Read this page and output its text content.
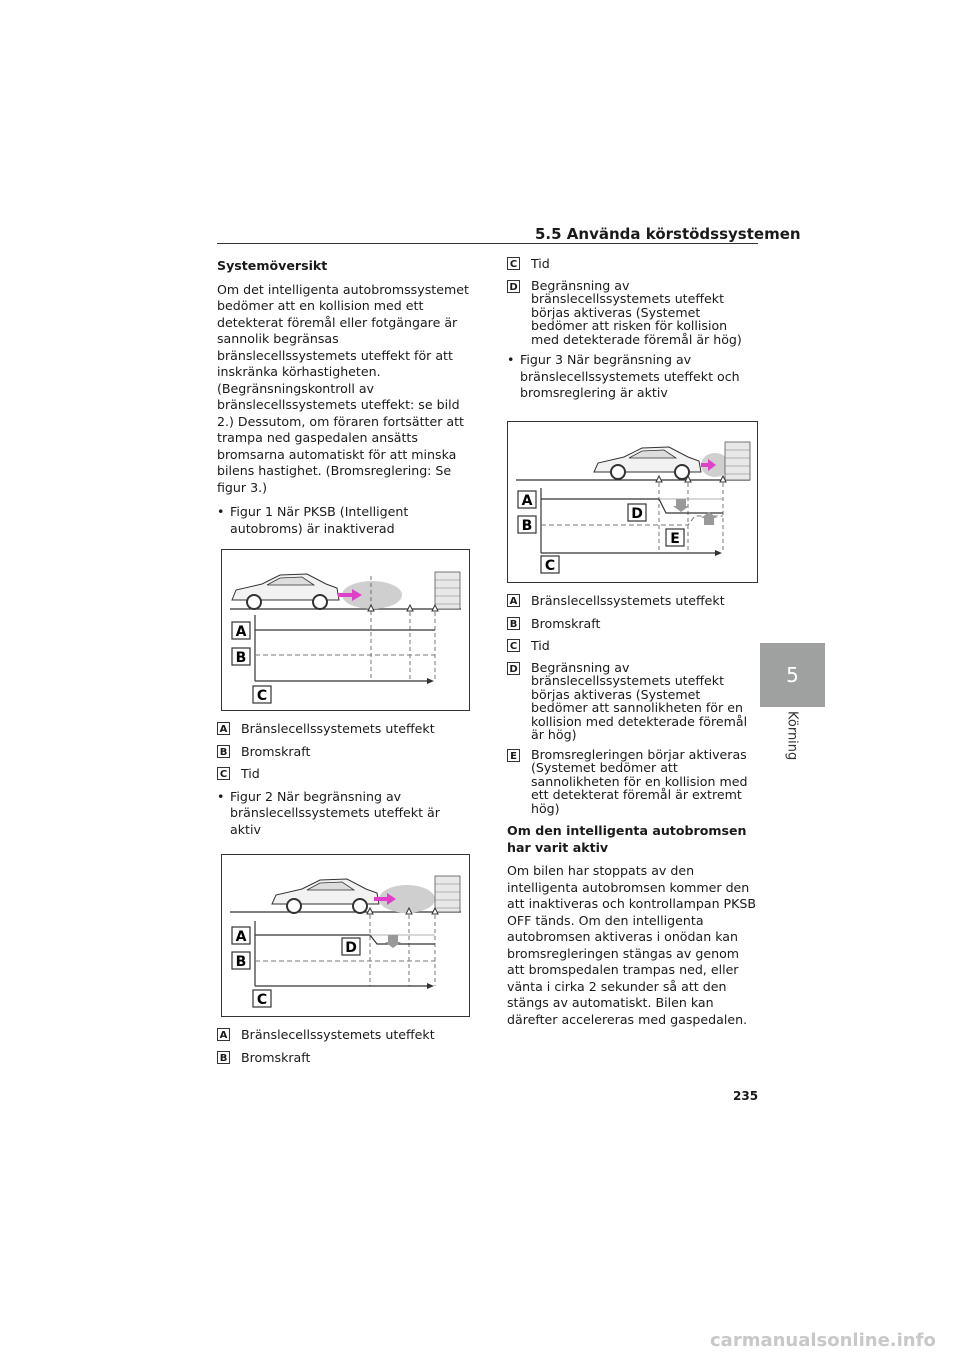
5.5 Använda körstödssystemen

Systemöversikt

Om det intelligenta autobromssystemet bedömer att en kollision med ett detekterat föremål eller fotgängare är sannolik begränsas bränslecellssystemets uteffekt för att inskränka körhastigheten. (Begränsningskontroll av bränslecellssystemets uteffekt: se bild 2.) Dessutom, om föraren fortsätter att trampa ned gaspedalen ansätts bromsarna automatiskt för att minska bilens hastighet. (Bromsreglering: Se figur 3.)

• Figur 1 När PKSB (Intelligent autobroms) är inaktiverad

A
B
C
A Bränslecellssystemets uteffekt
B Bromskraft
C Tid

• Figur 2 När begränsning av bränslecellssystemets uteffekt är aktiv

A
B
D
C
A Bränslecellssystemets uteffekt
B Bromskraft
C Tid
D Begränsning av bränslecellssystemets uteffekt börjas aktiveras (Systemet bedömer att risken för kollision med detekterade föremål är hög)

• Figur 3 När begränsning av bränslecellssystemets uteffekt och bromsreglering är aktiv

A
B
D
E
C
A Bränslecellssystemets uteffekt
B Bromskraft
C Tid
D Begränsning av bränslecellssystemets uteffekt börjas aktiveras (Systemet bedömer att sannolikheten för en kollision med detekterade föremål är hög)
E Bromsregleringen börjar aktiveras (Systemet bedömer att sannolikheten för en kollision med ett detekterat föremål är extremt hög)

Om den intelligenta autobromsen har varit aktiv

Om bilen har stoppats av den intelligenta autobromsen kommer den att inaktiveras och kontrollampan PKSB OFF tänds. Om den intelligenta autobromsen aktiveras i onödan kan bromsregleringen stängas av genom att bromspedalen trampas ned, eller vänta i cirka 2 sekunder så att den stängs av automatiskt. Bilen kan därefter accelereras med gaspedalen.

5
Körning
235
carmanualsonline.info
